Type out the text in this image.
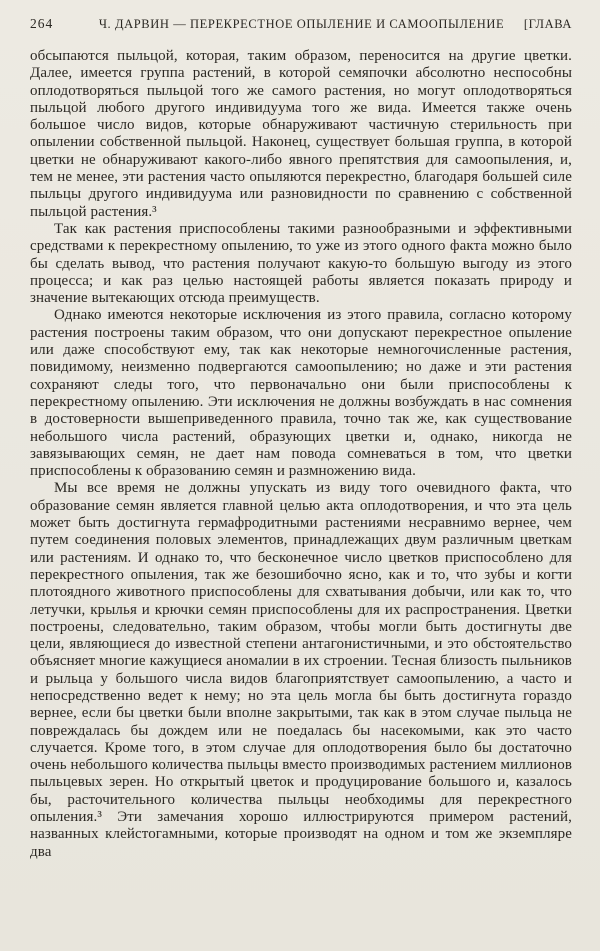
264	Ч. ДАРВИН — ПЕРЕКРЕСТНОЕ ОПЫЛЕНИЕ И САМООПЫЛЕНИЕ	[ГЛАВА

обсыпаются пыльцой, которая, таким образом, переносится на другие цветки. Далее, имеется группа растений, в которой семяпочки абсолютно неспособны оплодотворяться пыльцой того же самого растения, но могут оплодотворяться пыльцой любого другого индивидуума того же вида. Имеется также очень большое число видов, которые обнаруживают частичную стерильность при опылении собственной пыльцой. Наконец, существует большая группа, в которой цветки не обнаруживают какого-либо явного препятствия для самоопыления, и, тем не менее, эти растения часто опыляются перекрестно, благодаря большей силе пыльцы другого индивидуума или разновидности по сравнению с собственной пыльцой растения.³

Так как растения приспособлены такими разнообразными и эффективными средствами к перекрестному опылению, то уже из этого одного факта можно было бы сделать вывод, что растения получают какую-то большую выгоду из этого процесса; и как раз целью настоящей работы является показать природу и значение вытекающих отсюда преимуществ.

Однако имеются некоторые исключения из этого правила, согласно которому растения построены таким образом, что они допускают перекрестное опыление или даже способствуют ему, так как некоторые немногочисленные растения, повидимому, неизменно подвергаются самоопылению; но даже и эти растения сохраняют следы того, что первоначально они были приспособлены к перекрестному опылению. Эти исключения не должны возбуждать в нас сомнения в достоверности вышеприведенного правила, точно так же, как существование небольшого числа растений, образующих цветки и, однако, никогда не завязывающих семян, не дает нам повода сомневаться в том, что цветки приспособлены к образованию семян и размножению вида.

Мы все время не должны упускать из виду того очевидного факта, что образование семян является главной целью акта оплодотворения, и что эта цель может быть достигнута гермафродитными растениями несравнимо вернее, чем путем соединения половых элементов, принадлежащих двум различным цветкам или растениям. И однако то, что бесконечное число цветков приспособлено для перекрестного опыления, так же безошибочно ясно, как и то, что зубы и когти плотоядного животного приспособлены для схватывания добычи, или как то, что летучки, крылья и крючки семян приспособлены для их распространения. Цветки построены, следовательно, таким образом, чтобы могли быть достигнуты две цели, являющиеся до известной степени антагонистичными, и это обстоятельство объясняет многие кажущиеся аномалии в их строении. Тесная близость пыльников и рыльца у большого числа видов благоприятствует самоопылению, а часто и непосредственно ведет к нему; но эта цель могла бы быть достигнута гораздо вернее, если бы цветки были вполне закрытыми, так как в этом случае пыльца не повреждалась бы дождем или не поедалась бы насекомыми, как это часто случается. Кроме того, в этом случае для оплодотворения было бы достаточно очень небольшого количества пыльцы вместо производимых растением миллионов пыльцевых зерен. Но открытый цветок и продуцирование большого и, казалось бы, расточительного количества пыльцы необходимы для перекрестного опыления.³ Эти замечания хорошо иллюстрируются примером растений, названных клейстогамными, которые производят на одном и том же экземпляре два
